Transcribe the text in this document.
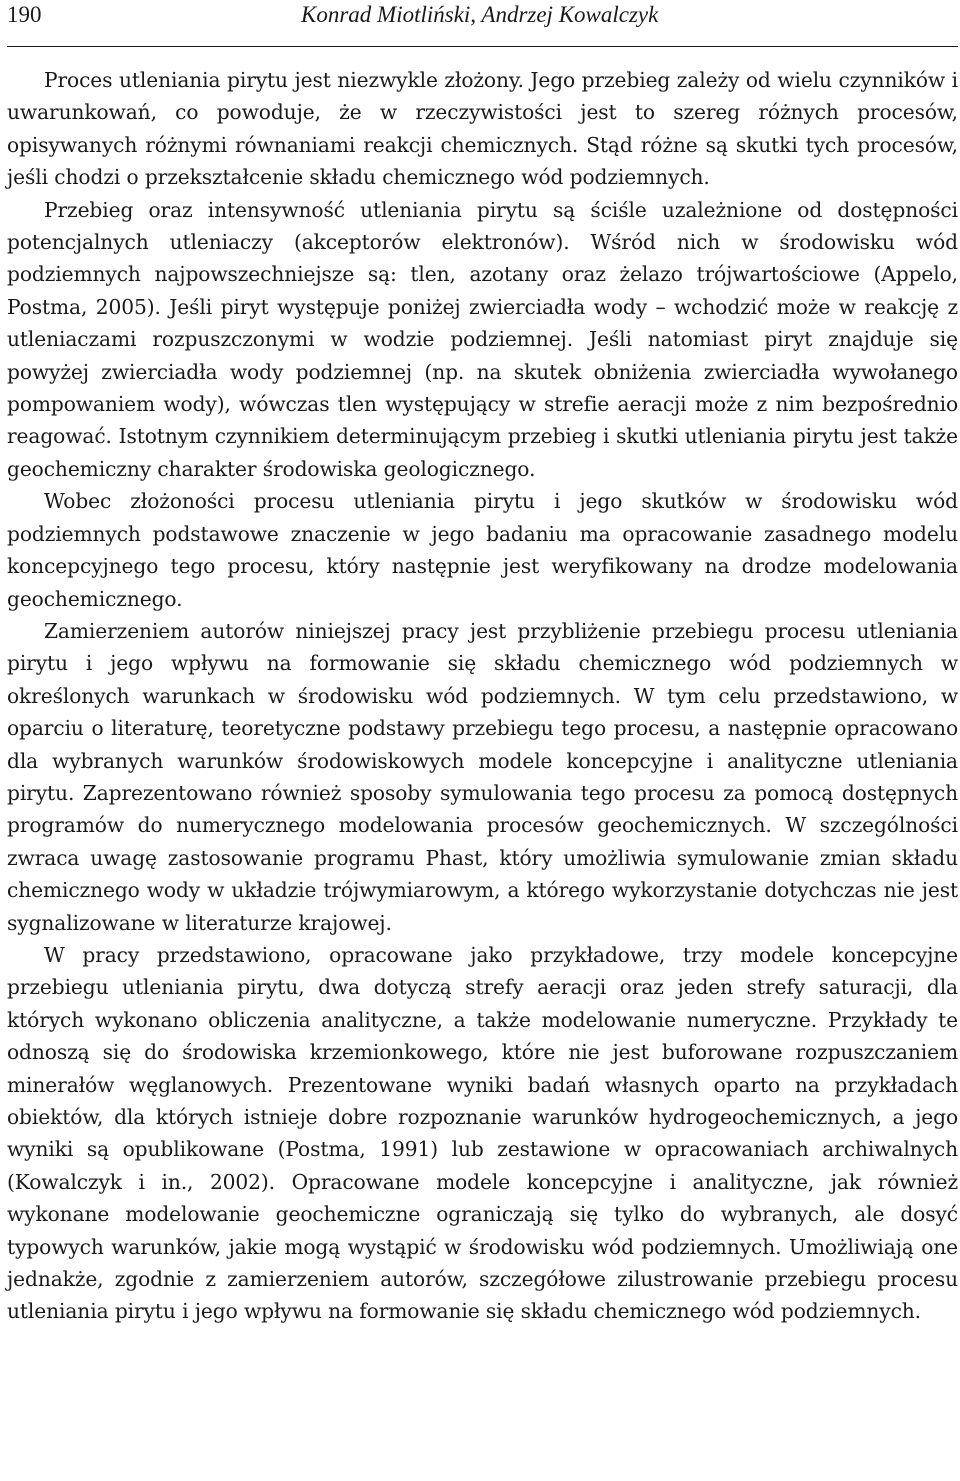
190	Konrad Miotliński, Andrzej Kowalczyk

Proces utleniania pirytu jest niezwykle złożony. Jego przebieg zależy od wielu czynników i uwarunkowań, co powoduje, że w rzeczywistości jest to szereg różnych procesów, opisywanych różnymi równaniami reakcji chemicznych. Stąd różne są skutki tych procesów, jeśli chodzi o przekształcenie składu chemicznego wód podziemnych.

Przebieg oraz intensywność utleniania pirytu są ściśle uzależnione od dostępności potencjalnych utleniaczy (akceptorów elektronów). Wśród nich w środowisku wód podziemnych najpowszechniejsze są: tlen, azotany oraz żelazo trójwartościowe (Appelo, Postma, 2005). Jeśli piryt występuje poniżej zwierciadła wody – wchodzić może w reakcję z utleniaczami rozpuszczonymi w wodzie podziemnej. Jeśli natomiast piryt znajduje się powyżej zwierciadła wody podziemnej (np. na skutek obniżenia zwierciadła wywołanego pompowaniem wody), wówczas tlen występujący w strefie aeracji może z nim bezpośrednio reagować. Istotnym czynnikiem determinującym przebieg i skutki utleniania pirytu jest także geochemiczny charakter środowiska geologicznego.

Wobec złożoności procesu utleniania pirytu i jego skutków w środowisku wód podziemnych podstawowe znaczenie w jego badaniu ma opracowanie zasadnego modelu koncepcyjnego tego procesu, który następnie jest weryfikowany na drodze modelowania geochemicznego.

Zamierzeniem autorów niniejszej pracy jest przybliżenie przebiegu procesu utleniania pirytu i jego wpływu na formowanie się składu chemicznego wód podziemnych w określonych warunkach w środowisku wód podziemnych. W tym celu przedstawiono, w oparciu o literaturę, teoretyczne podstawy przebiegu tego procesu, a następnie opracowano dla wybranych warunków środowiskowych modele koncepcyjne i analityczne utleniania pirytu. Zaprezentowano również sposoby symulowania tego procesu za pomocą dostępnych programów do numerycznego modelowania procesów geochemicznych. W szczególności zwraca uwagę zastosowanie programu Phast, który umożliwia symulowanie zmian składu chemicznego wody w układzie trójwymiarowym, a którego wykorzystanie dotychczas nie jest sygnalizowane w literaturze krajowej.

W pracy przedstawiono, opracowane jako przykładowe, trzy modele koncepcyjne przebiegu utleniania pirytu, dwa dotyczą strefy aeracji oraz jeden strefy saturacji, dla których wykonano obliczenia analityczne, a także modelowanie numeryczne. Przykłady te odnoszą się do środowiska krzemionkowego, które nie jest buforowane rozpuszczaniem minerałów węglanowych. Prezentowane wyniki badań własnych oparto na przykładach obiektów, dla których istnieje dobre rozpoznanie warunków hydrogeochemicznych, a jego wyniki są opublikowane (Postma, 1991) lub zestawione w opracowaniach archiwalnych (Kowalczyk i in., 2002). Opracowane modele koncepcyjne i analityczne, jak również wykonane modelowanie geochemiczne ograniczają się tylko do wybranych, ale dosyć typowych warunków, jakie mogą wystąpić w środowisku wód podziemnych. Umożliwiają one jednakże, zgodnie z zamierzeniem autorów, szczegółowe zilustrowanie przebiegu procesu utleniania pirytu i jego wpływu na formowanie się składu chemicznego wód podziemnych.
